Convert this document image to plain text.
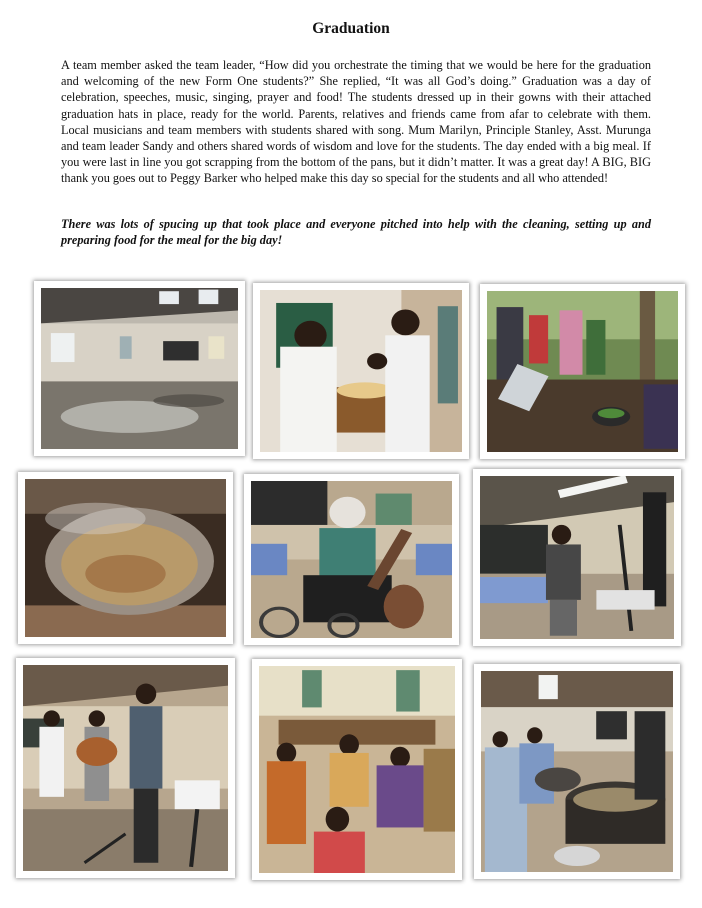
Graduation
A team member asked the team leader, “How did you orchestrate the timing that we would be here for the graduation and welcoming of the new Form One students?” She replied, “It was all God’s doing.” Graduation was a day of celebration, speeches, music, singing, prayer and food! The students dressed up in their gowns with their attached graduation hats in place, ready for the world. Parents, relatives and friends came from afar to celebrate with them. Local musicians and team members with students shared with song. Mum Marilyn, Principle Stanley, Asst. Murunga and team leader Sandy and others shared words of wisdom and love for the students. The day ended with a big meal. If you were last in line you got scrapping from the bottom of the pans, but it didn’t matter. It was a great day! A BIG, BIG thank you goes out to Peggy Barker who helped make this day so special for the students and all who attended!
There was lots of spucing up that took place and everyone pitched into help with the cleaning, setting up and preparing food for the meal for the big day!
